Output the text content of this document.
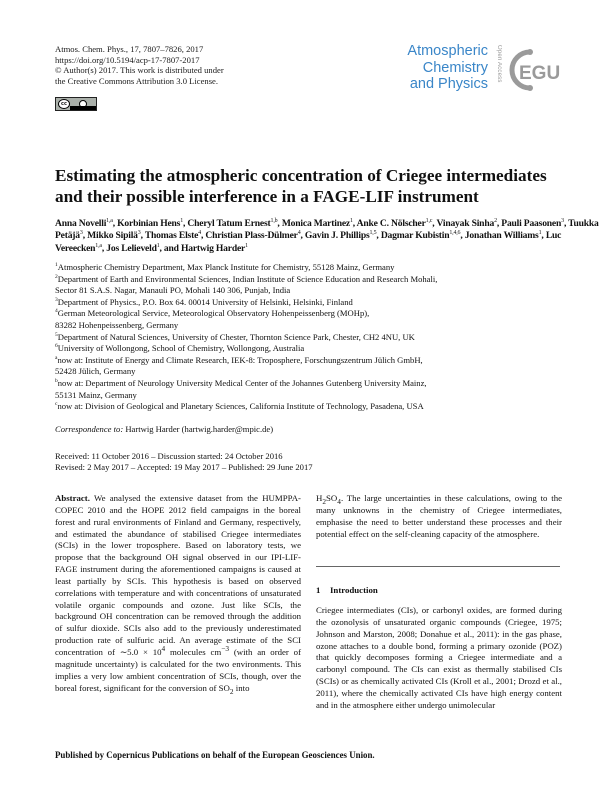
Atmos. Chem. Phys., 17, 7807–7826, 2017
https://doi.org/10.5194/acp-17-7807-2017
© Author(s) 2017. This work is distributed under
the Creative Commons Attribution 3.0 License.
cc
Atmospheric
Chemistry
and Physics
Open Access EGU
Estimating the atmospheric concentration of Criegee intermediates
and their possible interference in a FAGE-LIF instrument
Anna Novelli$^{1,a}$, Korbinian Hens$^1$, Cheryl Tatum Ernest$^{1,b}$, Monica Martinez$^1$, Anke C. Nölscher$^{1,c}$, Vinayak Sinha$^2$, Pauli Paasonen$^3$, Tuukka Petäjä$^3$, Mikko Sipilä$^3$, Thomas Elste$^4$, Christian Plass-Dülmer$^4$, Gavin J. Phillips$^{1,5}$, Dagmar Kubistin$^{1,4,6}$, Jonathan Williams$^1$, Luc Vereecken$^{1,a}$, Jos Lelieveld$^1$, and Hartwig Harder$^1$
$^1$Atmospheric Chemistry Department, Max Planck Institute for Chemistry, 55128 Mainz, Germany
$^2$Department of Earth and Environmental Sciences, Indian Institute of Science Education and Research Mohali,
Sector 81 S.A.S. Nagar, Manauli PO, Mohali 140 306, Punjab, India
$^3$Department of Physics., P.O. Box 64. 00014 University of Helsinki, Helsinki, Finland
$^4$German Meteorological Service, Meteorological Observatory Hohenpeissenberg (MOHp),
83282 Hohenpeissenberg, Germany
$^5$Department of Natural Sciences, University of Chester, Thornton Science Park, Chester, CH2 4NU, UK
$^6$University of Wollongong, School of Chemistry, Wollongong, Australia
$^a$now at: Institute of Energy and Climate Research, IEK-8: Troposphere, Forschungszentrum Jülich GmbH,
52428 Jülich, Germany
$^b$now at: Department of Neurology University Medical Center of the Johannes Gutenberg University Mainz,
55131 Mainz, Germany
$^c$now at: Division of Geological and Planetary Sciences, California Institute of Technology, Pasadena, USA
Correspondence to: Hartwig Harder (hartwig.harder@mpic.de)
Received: 11 October 2016 – Discussion started: 24 October 2016
Revised: 2 May 2017 – Accepted: 19 May 2017 – Published: 29 June 2017
Abstract. We analysed the extensive dataset from the HUMPPA-COPEC 2010 and the HOPE 2012 field campaigns in the boreal forest and rural environments of Finland and Germany, respectively, and estimated the abundance of stabilised Criegee intermediates (SCIs) in the lower troposphere. Based on laboratory tests, we propose that the background OH signal observed in our IPI-LIF-FAGE instrument during the aforementioned campaigns is caused at least partially by SCIs. This hypothesis is based on observed correlations with temperature and with concentrations of unsaturated volatile organic compounds and ozone. Just like SCIs, the background OH concentration can be removed through the addition of sulfur dioxide. SCIs also add to the previously underestimated production rate of sulfuric acid. An average estimate of the SCI concentration of ∼5.0 × $10^4$ molecules $cm^{-3}$ (with an order of magnitude uncertainty) is calculated for the two environments. This implies a very low ambient concentration of SCIs, though, over the boreal forest, significant for the conversion of $SO_2$ into
$H_2SO_4$. The large uncertainties in these calculations, owing to the many unknowns in the chemistry of Criegee intermediates, emphasise the need to better understand these processes and their potential effect on the self-cleaning capacity of the atmosphere.
1 Introduction
Criegee intermediates (CIs), or carbonyl oxides, are formed during the ozonolysis of unsaturated organic compounds (Criegee, 1975; Johnson and Marston, 2008; Donahue et al., 2011): in the gas phase, ozone attaches to a double bond, forming a primary ozonide (POZ) that quickly decomposes forming a Criegee intermediate and a carbonyl compound. The CIs can exist as thermally stabilised CIs (SCIs) or as chemically activated CIs (Kroll et al., 2001; Drozd et al., 2011), where the chemically activated CIs have high energy content and in the atmosphere either undergo unimolecular
Published by Copernicus Publications on behalf of the European Geosciences Union.
